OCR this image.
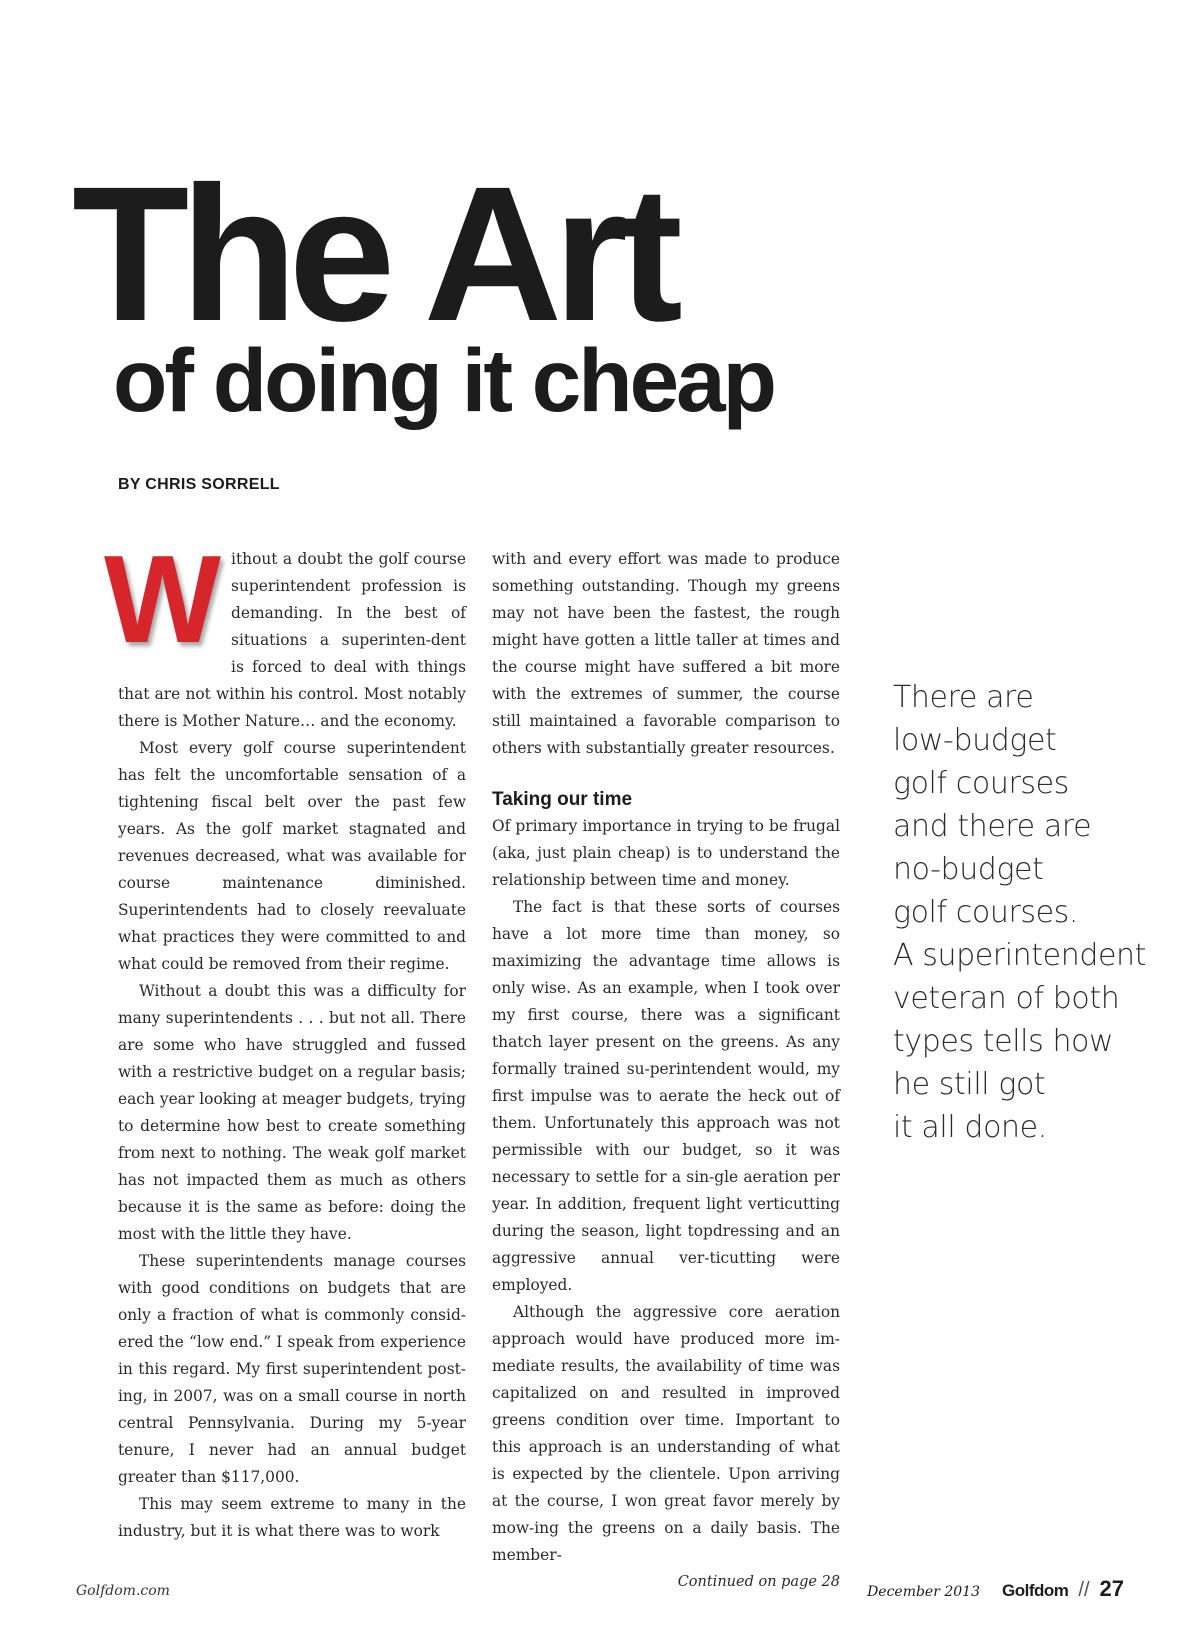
The Art
of doing it cheap
BY CHRIS SORRELL

Without a doubt the golf course superintendent profession is demanding. In the best of situations a superinten-dent is forced to deal with things that are not within his control. Most notably there is Mother Nature… and the economy.

Most every golf course superintendent has felt the uncomfortable sensation of a tightening fiscal belt over the past few years. As the golf market stagnated and revenues decreased, what was available for course maintenance diminished. Superintendents had to closely reevaluate what practices they were committed to and what could be removed from their regime.

Without a doubt this was a difficulty for many superintendents . . . but not all. There are some who have struggled and fussed with a restrictive budget on a regular basis; each year looking at meager budgets, trying to determine how best to create something from next to nothing. The weak golf market has not impacted them as much as others because it is the same as before: doing the most with the little they have.

These superintendents manage courses with good conditions on budgets that are only a fraction of what is commonly consid-ered the “low end.” I speak from experience in this regard. My first superintendent post-ing, in 2007, was on a small course in north central Pennsylvania. During my 5-year tenure, I never had an annual budget greater than $117,000.

This may seem extreme to many in the industry, but it is what there was to work

with and every effort was made to produce something outstanding. Though my greens may not have been the fastest, the rough might have gotten a little taller at times and the course might have suffered a bit more with the extremes of summer, the course still maintained a favorable comparison to others with substantially greater resources.

Taking our time

Of primary importance in trying to be frugal (aka, just plain cheap) is to understand the relationship between time and money.

The fact is that these sorts of courses have a lot more time than money, so maximizing the advantage time allows is only wise. As an example, when I took over my first course, there was a significant thatch layer present on the greens. As any formally trained su-perintendent would, my first impulse was to aerate the heck out of them. Unfortunately this approach was not permissible with our budget, so it was necessary to settle for a sin-gle aeration per year. In addition, frequent light verticutting during the season, light topdressing and an aggressive annual ver-ticutting were employed.

Although the aggressive core aeration approach would have produced more im-mediate results, the availability of time was capitalized on and resulted in improved greens condition over time. Important to this approach is an understanding of what is expected by the clientele. Upon arriving at the course, I won great favor merely by mow-ing the greens on a daily basis. The member-

Continued on page 28

There are
low-budget
golf courses
and there are
no-budget
golf courses.
A superintendent
veteran of both
types tells how
he still got
it all done.
Golfdom.com	December 2013 Golfdom // 27
